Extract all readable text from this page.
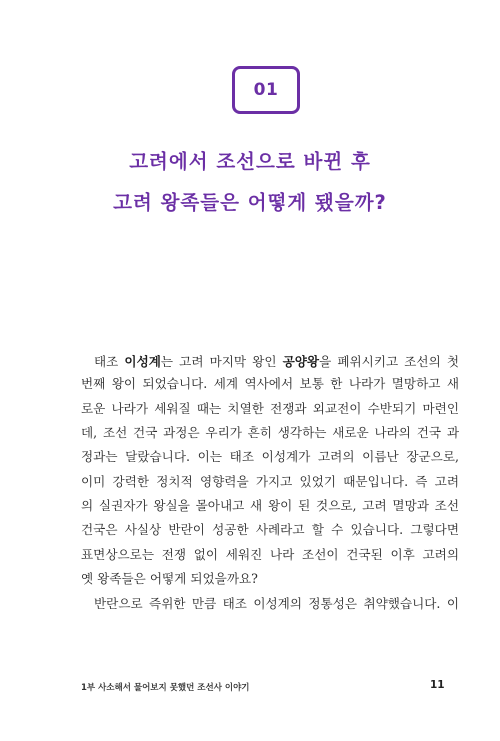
01
고려에서 조선으로 바뀐 후
고려 왕족들은 어떻게 됐을까?
태조 이성계는 고려 마지막 왕인 공양왕을 폐위시키고 조선의 첫
번째 왕이 되었습니다. 세계 역사에서 보통 한 나라가 멸망하고 새
로운 나라가 세워질 때는 치열한 전쟁과 외교전이 수반되기 마련인
데, 조선 건국 과정은 우리가 흔히 생각하는 새로운 나라의 건국 과
정과는 달랐습니다. 이는 태조 이성계가 고려의 이름난 장군으로,
이미 강력한 정치적 영향력을 가지고 있었기 때문입니다. 즉 고려
의 실권자가 왕실을 몰아내고 새 왕이 된 것으로, 고려 멸망과 조선
건국은 사실상 반란이 성공한 사례라고 할 수 있습니다. 그렇다면
표면상으로는 전쟁 없이 세워진 나라 조선이 건국된 이후 고려의
옛 왕족들은 어떻게 되었을까요?
반란으로 즉위한 만큼 태조 이성계의 정통성은 취약했습니다. 이
1부 사소해서 물어보지 못했던 조선사 이야기	11
